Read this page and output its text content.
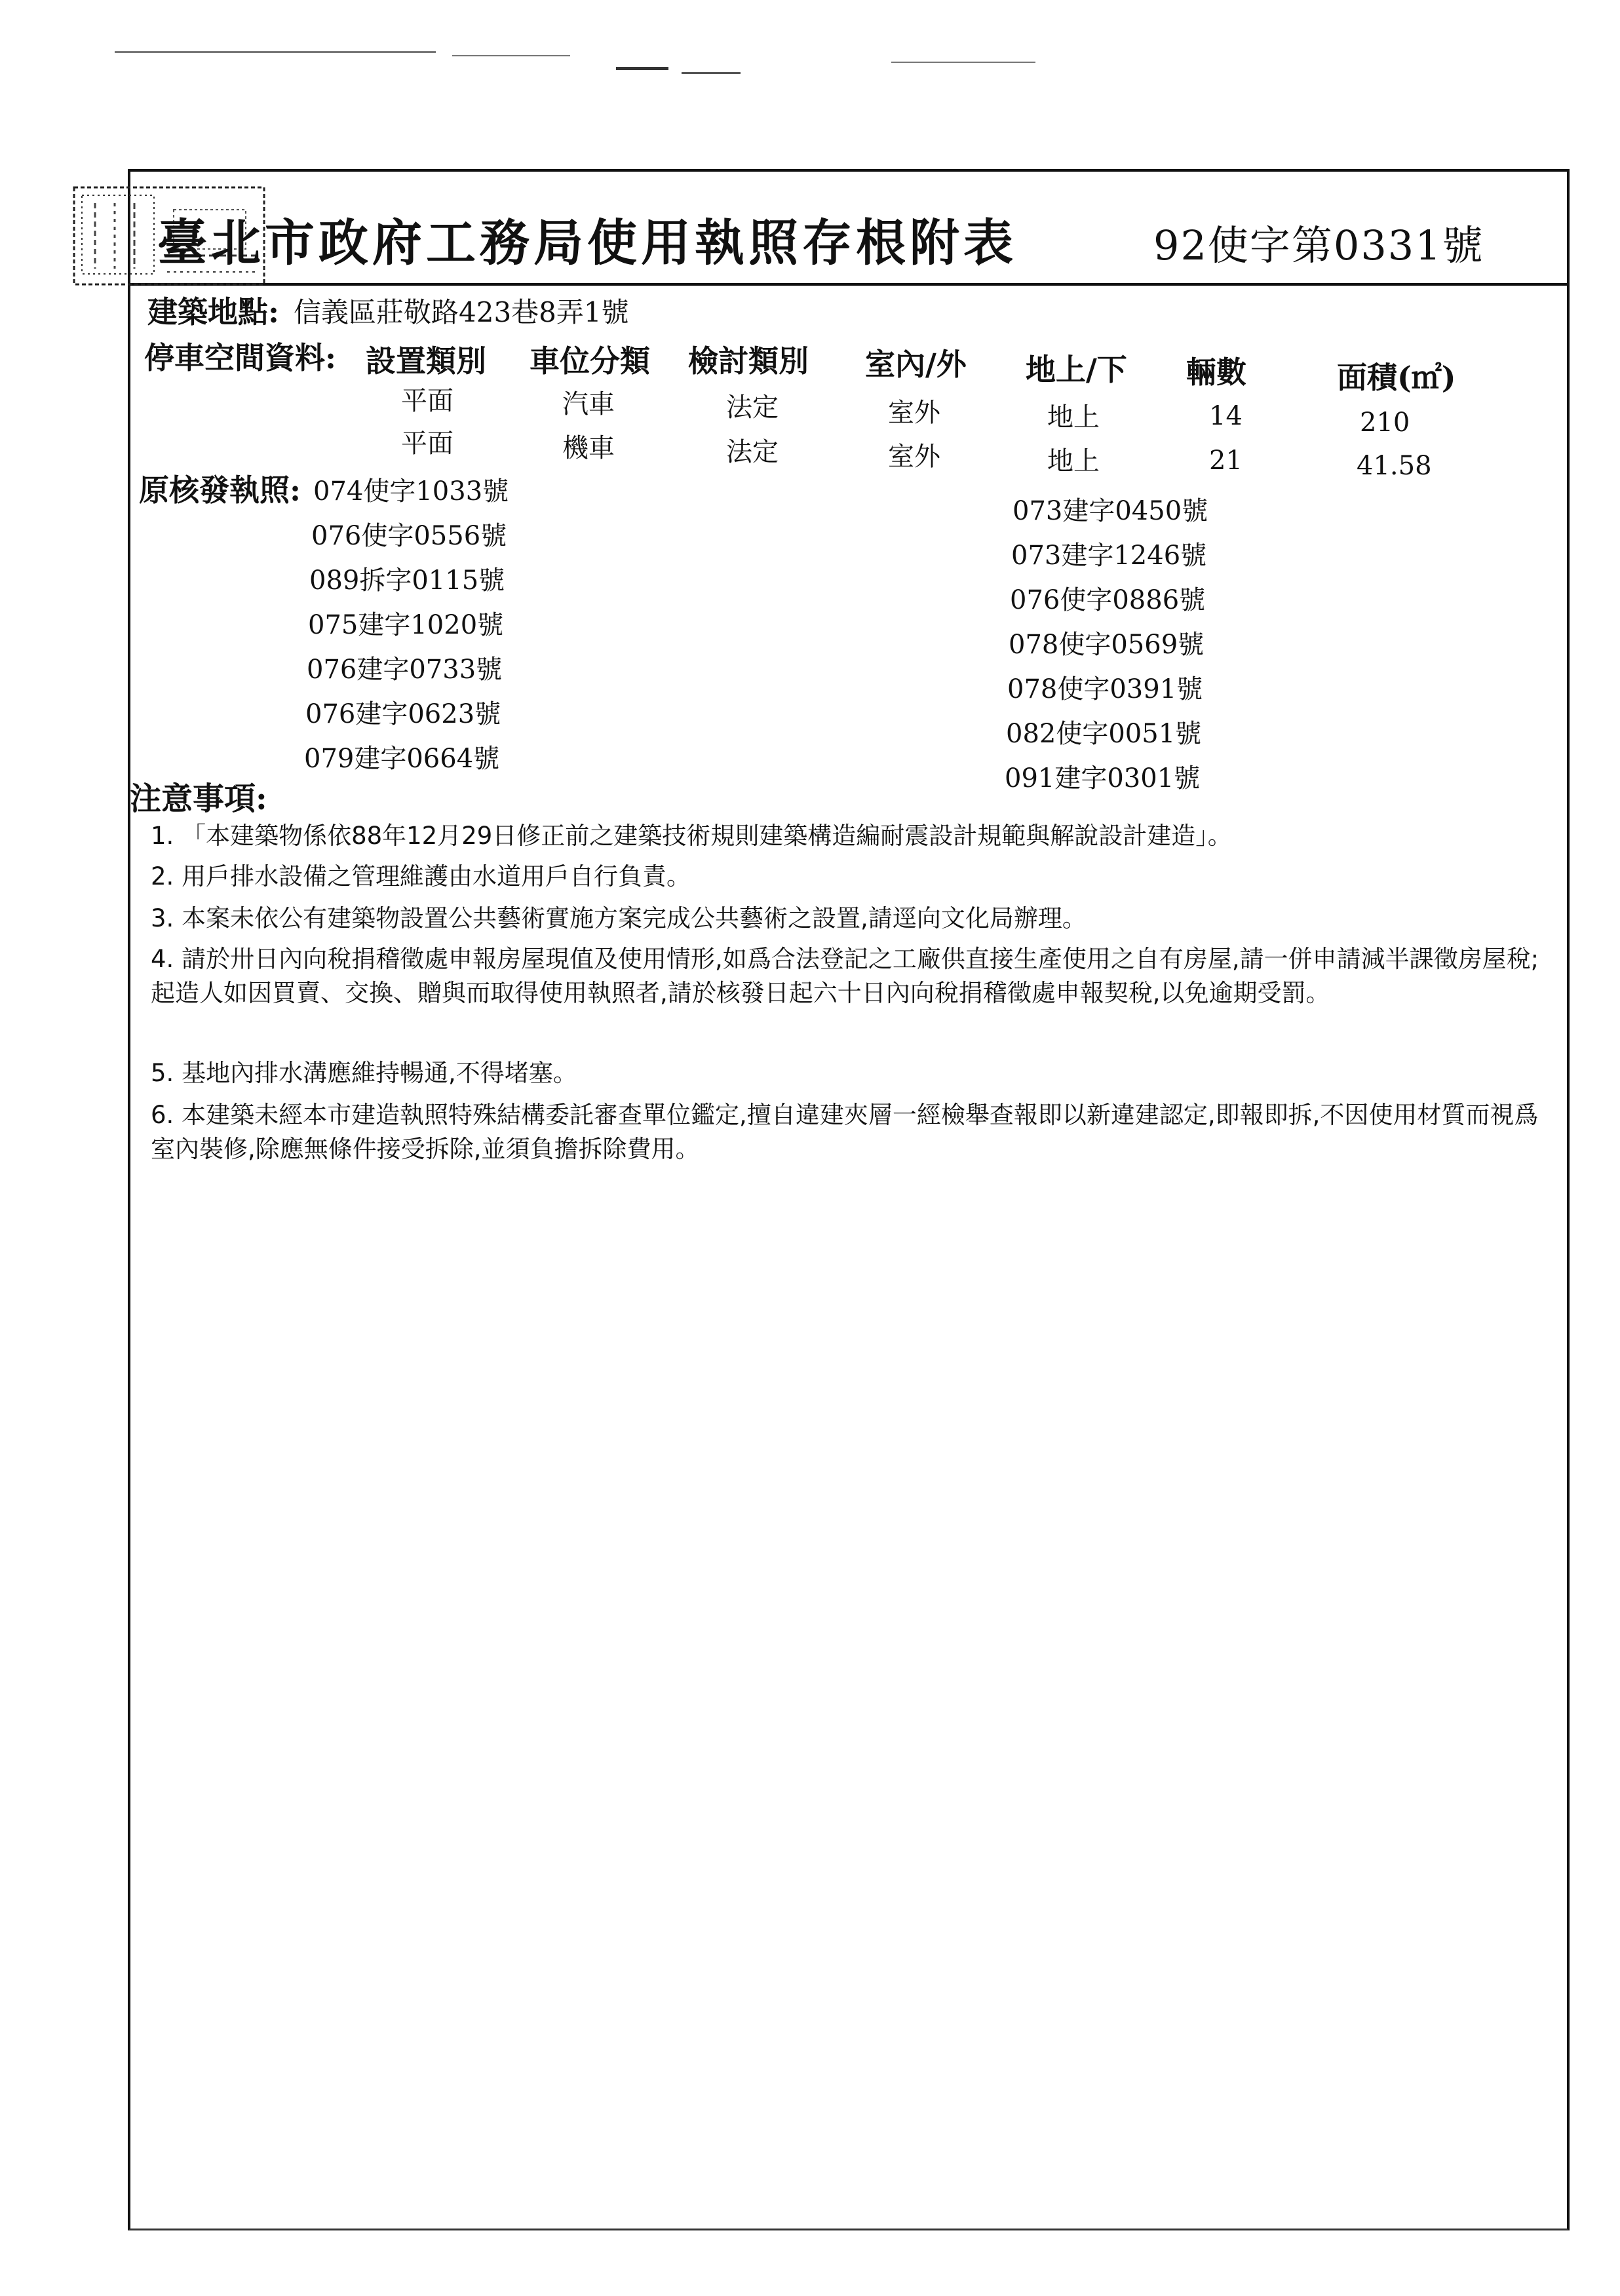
臺北市政府工務局使用執照存根附表	92使字第0331號
建築地點: 信義區莊敬路423巷8弄1號
停車空間資料: 設置類別 車位分類 檢討類別 室內/外 地上/下 輛數	面積(㎡)
平面	汽車	法定	室外	地上	14	210
平面	機車	法定	室外	地上	21	41.58
原核發執照: 074使字1033號
076使字0556號
089拆字0115號
075建字1020號
076建字0733號
076建字0623號
079建字0664號
073建字0450號
073建字1246號
076使字0886號
078使字0569號
078使字0391號
082使字0051號
091建字0301號
注意事項:
1. 「本建築物係依88年12月29日修正前之建築技術規則建築構造編耐震設計規範與解說設計建造」。
2. 用戶排水設備之管理維護由水道用戶自行負責。
3. 本案未依公有建築物設置公共藝術實施方案完成公共藝術之設置,請逕向文化局辦理。
4. 請於卅日內向稅捐稽徵處申報房屋現值及使用情形,如爲合法登記之工廠供直接生產使用之自有房屋,請一併申請減半課徵房屋稅;起造人如因買賣、交換、贈與而取得使用執照者,請於核發日起六十日內向稅捐稽徵處申報契稅,以免逾期受罰。
5. 基地內排水溝應維持暢通,不得堵塞。
6. 本建築未經本市建造執照特殊結構委託審查單位鑑定,擅自違建夾層一經檢舉查報即以新違建認定,即報即拆,不因使用材質而視爲室內裝修,除應無條件接受拆除,並須負擔拆除費用。
